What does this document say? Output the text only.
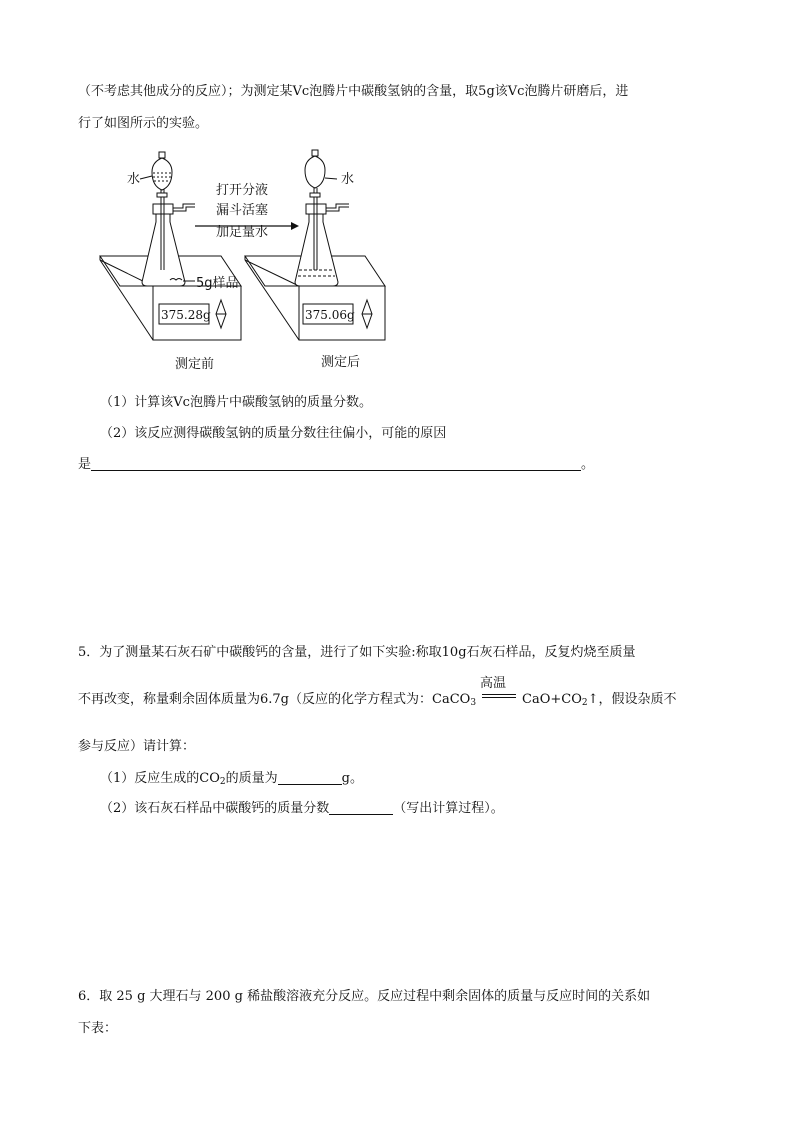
（不考虑其他成分的反应）；为测定某Vc泡腾片中碳酸氢钠的含量，取5g该Vc泡腾片研磨后，进
行了如图所示的实验。
水	水
打开分液
漏斗活塞
加足量水
5g样品
375.28g	375.06g
测定前	测定后
（1）计算该Vc泡腾片中碳酸氢钠的质量分数。
（2）该反应测得碳酸氢钠的质量分数往往偏小，可能的原因
是	。
5．为了测量某石灰石矿中碳酸钙的含量，进行了如下实验:称取10g石灰石样品，反复灼烧至质量
不再改变，称量剩余固体质量为6.7g（反应的化学方程式为：CaCO$_3$
高温
$CaO+CO_2↑$，假设杂质不
参与反应）请计算：
（1）反应生成的$CO_2$的质量为	g。
（2）该石灰石样品中碳酸钙的质量分数	（写出计算过程）。
6．取 25 g 大理石与 200 g 稀盐酸溶液充分反应。反应过程中剩余固体的质量与反应时间的关系如
下表：
